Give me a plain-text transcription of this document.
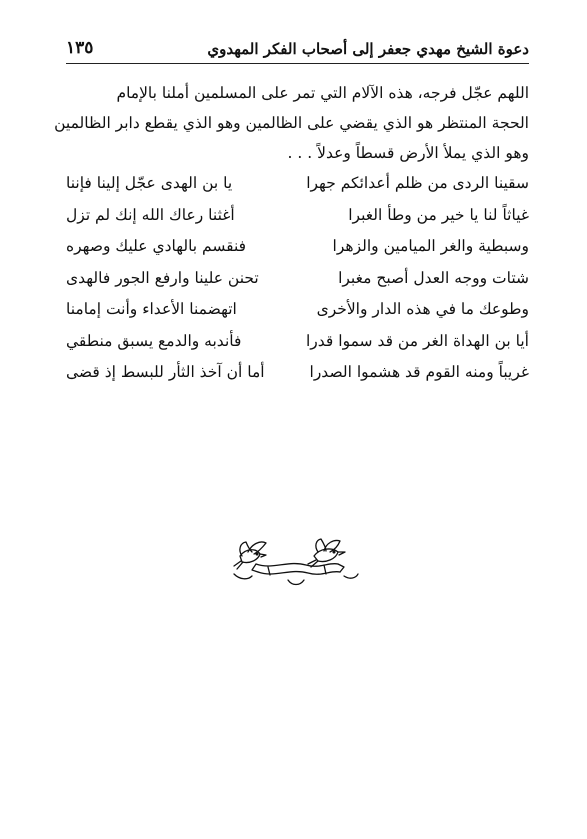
دعوة الشيخ مهدي جعفر إلى أصحاب الفكر المهدوي
١٣٥
اللهم عجّل فرجه، هذه الآلام التي تمر على المسلمين أملنا بالإمام
الحجة المنتظر هو الذي يقضي على الظالمين وهو الذي يقطع دابر الظالمين
وهو الذي يملأ الأرض قسطاً وعدلاً . . .
سقينا الردى من ظلم أعدائكم جهرا
يا بن الهدى عجّل إلينا فإننا
غياثاً لنا يا خير من وطأ الغبرا
أغثنا رعاك الله إنك لم تزل
وسبطية والغر الميامين والزهرا
فنقسم بالهادي عليك وصهره
شتات ووجه العدل أصبح مغبرا
تحنن علينا وارفع الجور فالهدى
وطوعك ما في هذه الدار والأخرى
اتهضمنا الأعداء وأنت إمامنا
أيا بن الهداة الغر من قد سموا قدرا
فأندبه والدمع يسبق منطقي
غريباً ومنه القوم قد هشموا الصدرا
أما أن آخذ الثأر للبسط إذ قضى
